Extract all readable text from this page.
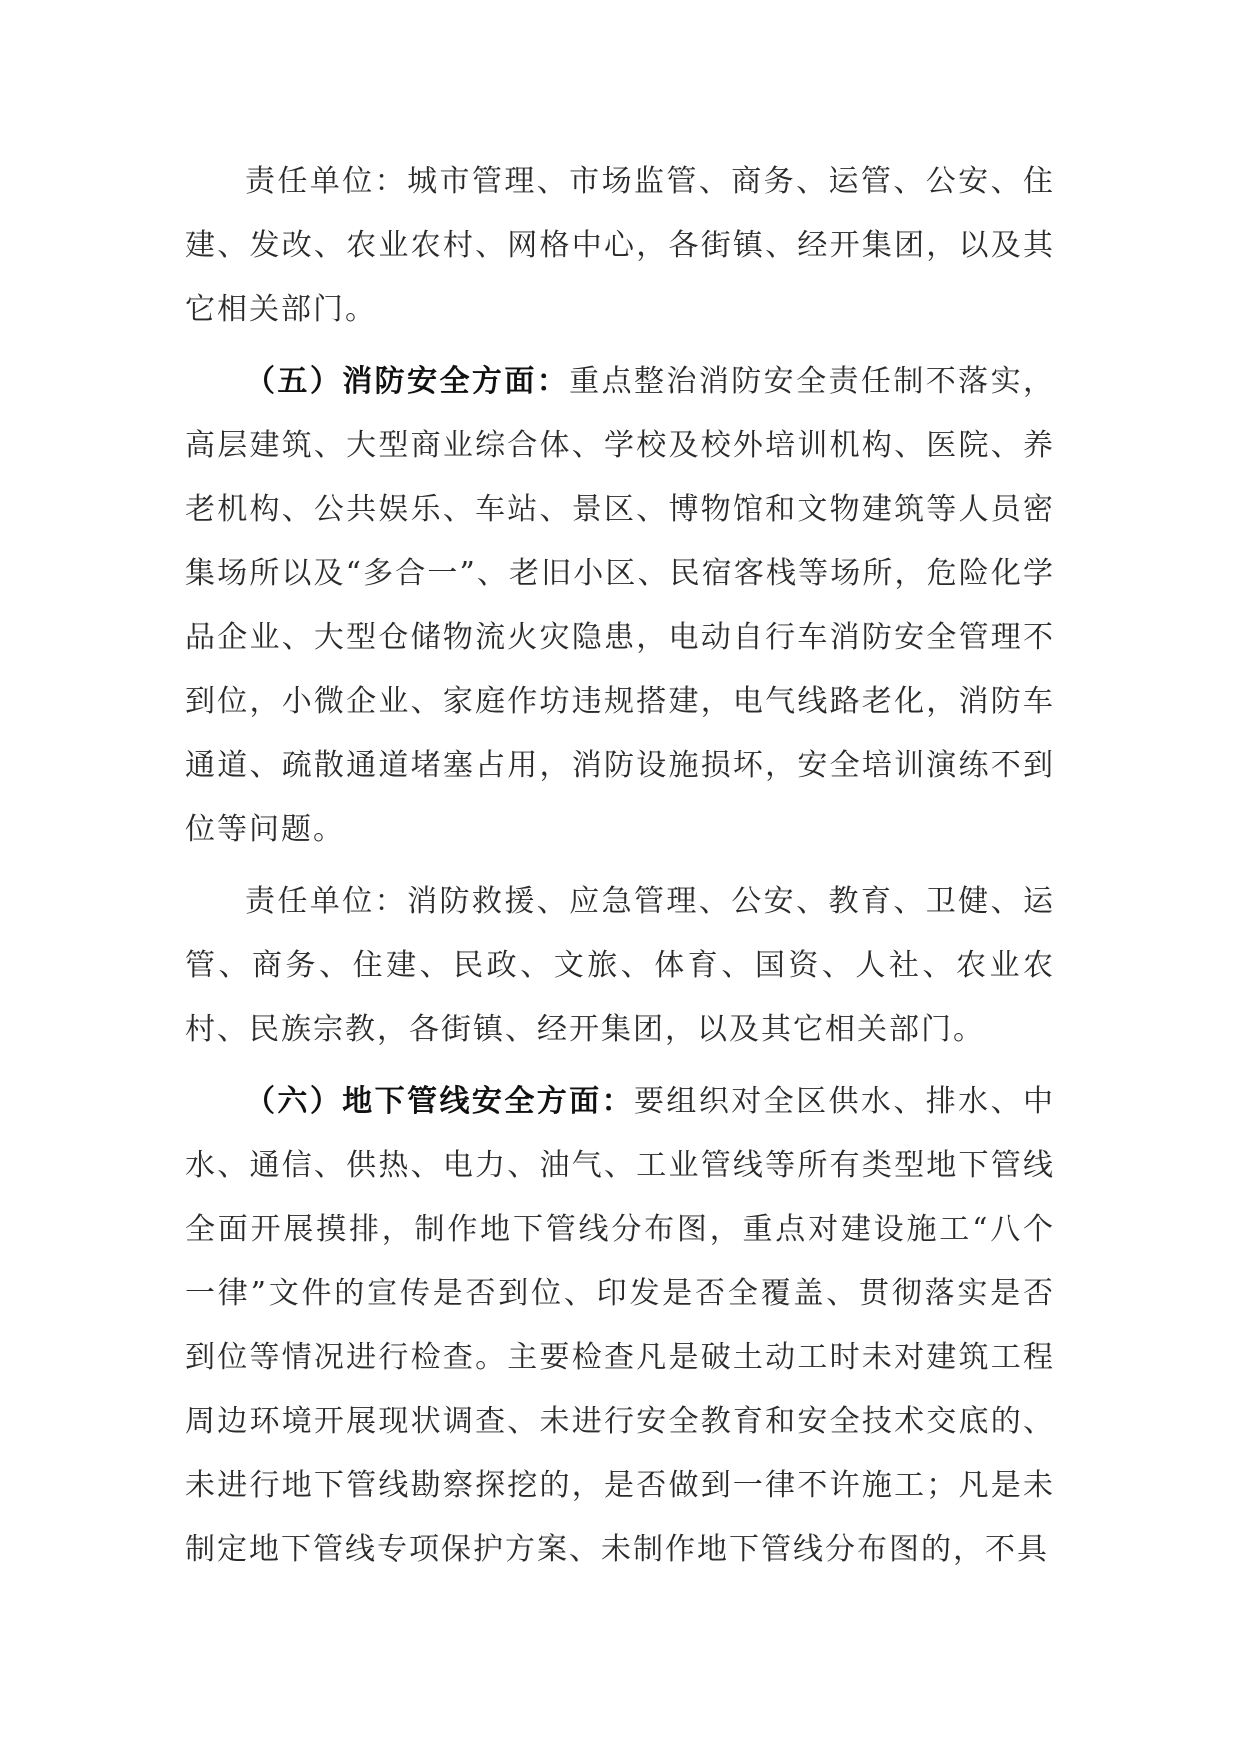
责任单位：城市管理、市场监管、商务、运管、公安、住建、发改、农业农村、网格中心，各街镇、经开集团，以及其它相关部门。

（五）消防安全方面：重点整治消防安全责任制不落实，高层建筑、大型商业综合体、学校及校外培训机构、医院、养老机构、公共娱乐、车站、景区、博物馆和文物建筑等人员密集场所以及“多合一”、老旧小区、民宿客栈等场所，危险化学品企业、大型仓储物流火灾隐患，电动自行车消防安全管理不到位，小微企业、家庭作坊违规搭建，电气线路老化，消防车通道、疏散通道堵塞占用，消防设施损坏，安全培训演练不到位等问题。

责任单位：消防救援、应急管理、公安、教育、卫健、运管、商务、住建、民政、文旅、体育、国资、人社、农业农村、民族宗教，各街镇、经开集团，以及其它相关部门。

（六）地下管线安全方面：要组织对全区供水、排水、中水、通信、供热、电力、油气、工业管线等所有类型地下管线全面开展摸排，制作地下管线分布图，重点对建设施工“八个一律”文件的宣传是否到位、印发是否全覆盖、贯彻落实是否到位等情况进行检查。主要检查凡是破土动工时未对建筑工程周边环境开展现状调查、未进行安全教育和安全技术交底的、未进行地下管线勘察探挖的，是否做到一律不许施工；凡是未制定地下管线专项保护方案、未制作地下管线分布图的，不具
